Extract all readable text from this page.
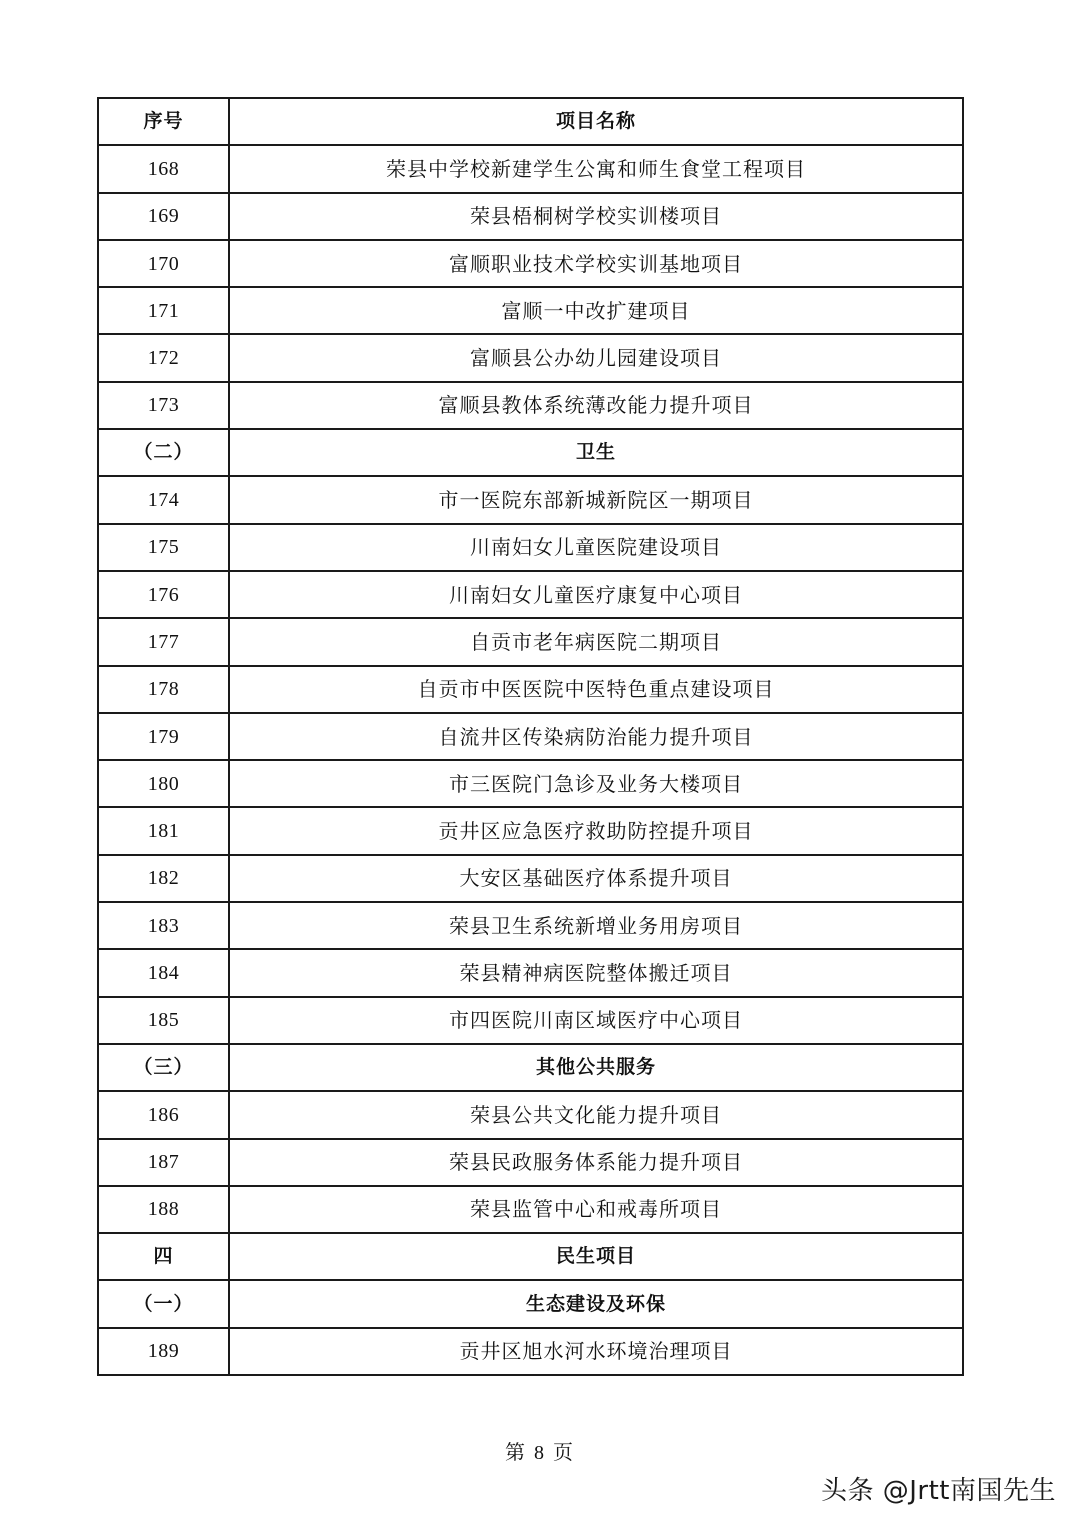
序号	项目名称
168	荣县中学校新建学生公寓和师生食堂工程项目
169	荣县梧桐树学校实训楼项目
170	富顺职业技术学校实训基地项目
171	富顺一中改扩建项目
172	富顺县公办幼儿园建设项目
173	富顺县教体系统薄改能力提升项目
（二）	卫生
174	市一医院东部新城新院区一期项目
175	川南妇女儿童医院建设项目
176	川南妇女儿童医疗康复中心项目
177	自贡市老年病医院二期项目
178	自贡市中医医院中医特色重点建设项目
179	自流井区传染病防治能力提升项目
180	市三医院门急诊及业务大楼项目
181	贡井区应急医疗救助防控提升项目
182	大安区基础医疗体系提升项目
183	荣县卫生系统新增业务用房项目
184	荣县精神病医院整体搬迁项目
185	市四医院川南区域医疗中心项目
（三）	其他公共服务
186	荣县公共文化能力提升项目
187	荣县民政服务体系能力提升项目
188	荣县监管中心和戒毒所项目
四	民生项目
（一）	生态建设及环保
189	贡井区旭水河水环境治理项目
第 8 页
头条 @Jrtt南国先生
